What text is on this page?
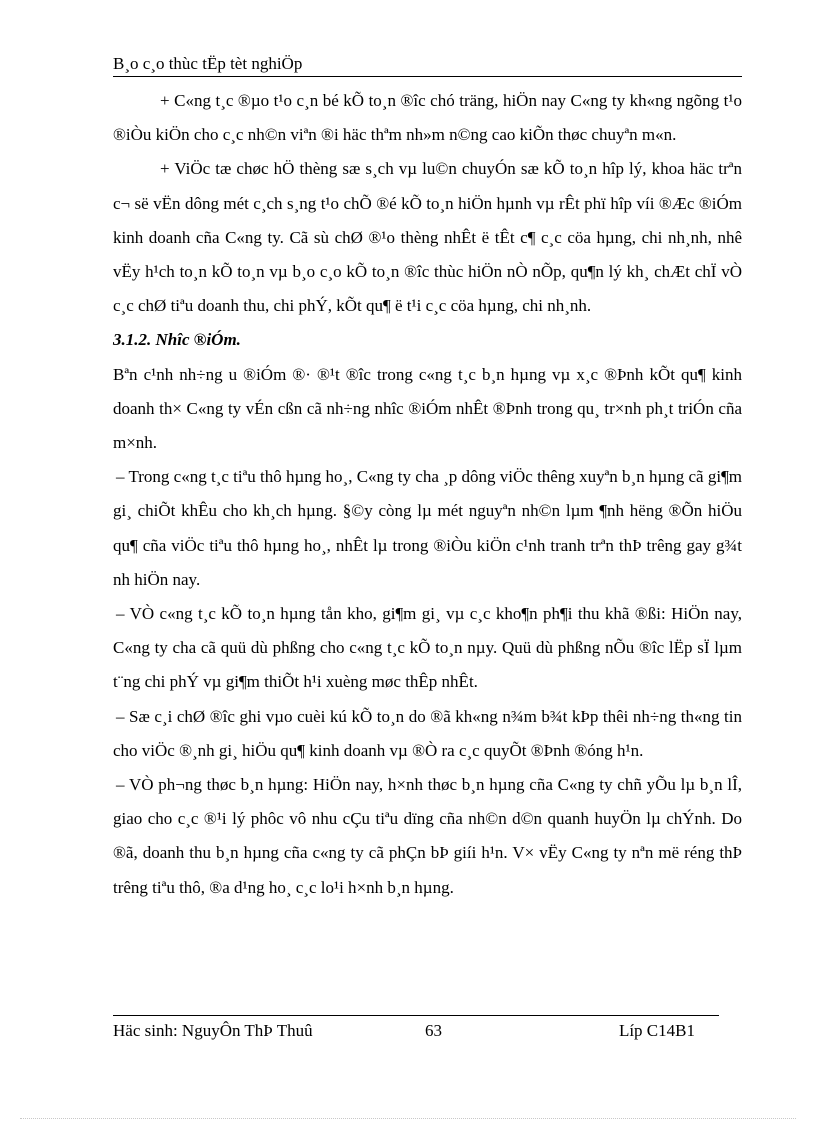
B¸o c¸o thùc tËp tèt nghiÖp

+ C«ng t¸c ®µo t¹o c¸n bé kÕ to¸n ®îc chó träng, hiÖn nay C«ng ty kh«ng ngõng t¹o ®iÒu kiÖn cho c¸c nh©n viªn ®i häc thªm nh»m n©ng cao kiÕn thøc chuyªn m«n.

+ ViÖc tæ chøc hÖ thèng sæ s¸ch vµ lu©n chuyÓn sæ kÕ to¸n hîp lý, khoa häc trªn c¬ së vËn dông mét c¸ch s¸ng t¹o chÕ ®é kÕ to¸n hiÖn hµnh vµ rÊt phï hîp víi ®Æc ®iÓm kinh doanh cña C«ng ty. Cã sù chØ ®¹o thèng nhÊt ë tÊt c¶ c¸c cöa hµng, chi nh¸nh, nhê vËy h¹ch to¸n kÕ to¸n vµ b¸o c¸o kÕ to¸n ®îc thùc hiÖn nÒ nÕp, qu¶n lý kh¸ chÆt chÏ vÒ c¸c chØ tiªu doanh thu, chi phÝ, kÕt qu¶ ë t¹i c¸c cöa hµng, chi nh¸nh.

3.1.2. Nhîc ®iÓm.

Bªn c¹nh nh÷ng u ®iÓm ®· ®¹t ®îc trong c«ng t¸c b¸n hµng vµ x¸c ®Þnh kÕt qu¶ kinh doanh th× C«ng ty vÉn cßn cã nh÷ng nhîc ®iÓm nhÊt ®Þnh trong qu¸ tr×nh ph¸t triÓn cña m×nh.

– Trong c«ng t¸c tiªu thô hµng ho¸, C«ng ty cha ¸p dông viÖc thêng xuyªn b¸n hµng cã gi¶m gi¸ chiÕt khÊu cho kh¸ch hµng. §©y còng lµ mét nguyªn nh©n lµm ¶nh hëng ®Õn hiÖu qu¶ cña viÖc tiªu thô hµng ho¸, nhÊt lµ trong ®iÒu kiÖn c¹nh tranh trªn thÞ trêng gay g¾t nh hiÖn nay.

– VÒ c«ng t¸c kÕ to¸n hµng tån kho, gi¶m gi¸ vµ c¸c kho¶n ph¶i thu khã ®ßi: HiÖn nay, C«ng ty cha cã quü dù phßng cho c«ng t¸c kÕ to¸n nµy. Quü dù phßng nÕu ®îc lËp sÏ lµm t¨ng chi phÝ vµ gi¶m thiÕt h¹i xuèng møc thÊp nhÊt.

– Sæ c¸i chØ ®îc ghi vµo cuèi kú kÕ to¸n do ®ã kh«ng n¾m b¾t kÞp thêi nh÷ng th«ng tin cho viÖc ®¸nh gi¸ hiÖu qu¶ kinh doanh vµ ®Ò ra c¸c quyÕt ®Þnh ®óng h¹n.

– VÒ ph¬ng thøc b¸n hµng: HiÖn nay, h×nh thøc b¸n hµng cña C«ng ty chñ yÕu lµ b¸n lÎ, giao cho c¸c ®¹i lý phôc vô nhu cÇu tiªu dïng cña nh©n d©n quanh huyÖn lµ chÝnh. Do ®ã, doanh thu b¸n hµng cña c«ng ty cã phÇn bÞ giíi h¹n. V× vËy C«ng ty nªn më réng thÞ trêng tiªu thô, ®a d¹ng ho¸ c¸c lo¹i h×nh b¸n hµng.

Häc sinh: NguyÔn ThÞ Thuû	63	Líp C14B1
